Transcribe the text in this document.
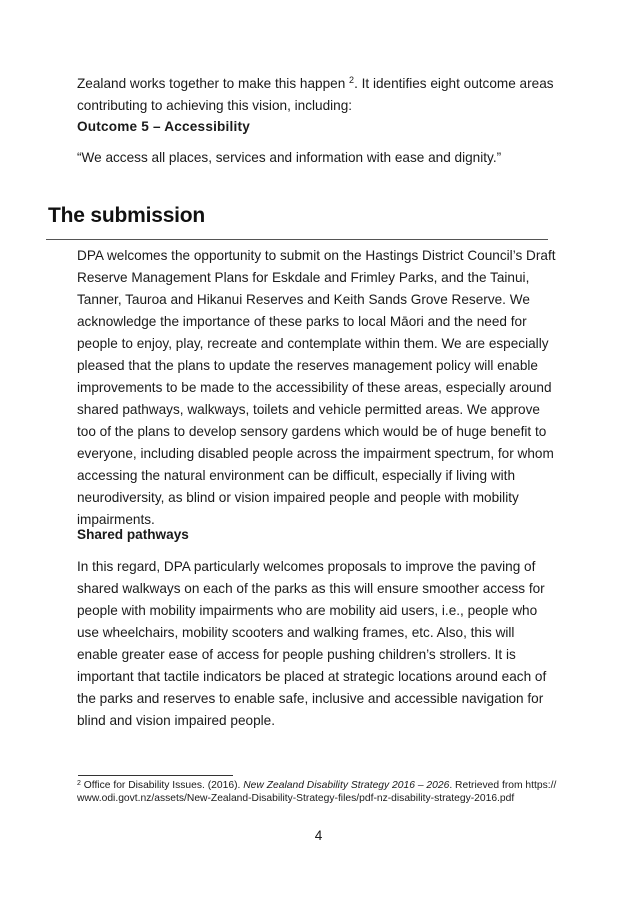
Zealand works together to make this happen $^2$. It identifies eight outcome areas contributing to achieving this vision, including:

Outcome 5 – Accessibility

“We access all places, services and information with ease and dignity.”

The submission

DPA welcomes the opportunity to submit on the Hastings District Council’s Draft Reserve Management Plans for Eskdale and Frimley Parks, and the Tainui, Tanner, Tauroa and Hikanui Reserves and Keith Sands Grove Reserve. We acknowledge the importance of these parks to local Māori and the need for people to enjoy, play, recreate and contemplate within them. We are especially pleased that the plans to update the reserves management policy will enable improvements to be made to the accessibility of these areas, especially around shared pathways, walkways, toilets and vehicle permitted areas. We approve too of the plans to develop sensory gardens which would be of huge benefit to everyone, including disabled people across the impairment spectrum, for whom accessing the natural environment can be difficult, especially if living with neurodiversity, as blind or vision impaired people and people with mobility impairments.

Shared pathways

In this regard, DPA particularly welcomes proposals to improve the paving of shared walkways on each of the parks as this will ensure smoother access for people with mobility impairments who are mobility aid users, i.e., people who use wheelchairs, mobility scooters and walking frames, etc. Also, this will enable greater ease of access for people pushing children’s strollers. It is important that tactile indicators be placed at strategic locations around each of the parks and reserves to enable safe, inclusive and accessible navigation for blind and vision impaired people.

$^2$ Office for Disability Issues. (2016). New Zealand Disability Strategy 2016 – 2026. Retrieved from https://www.odi.govt.nz/assets/New-Zealand-Disability-Strategy-files/pdf-nz-disability-strategy-2016.pdf

4
